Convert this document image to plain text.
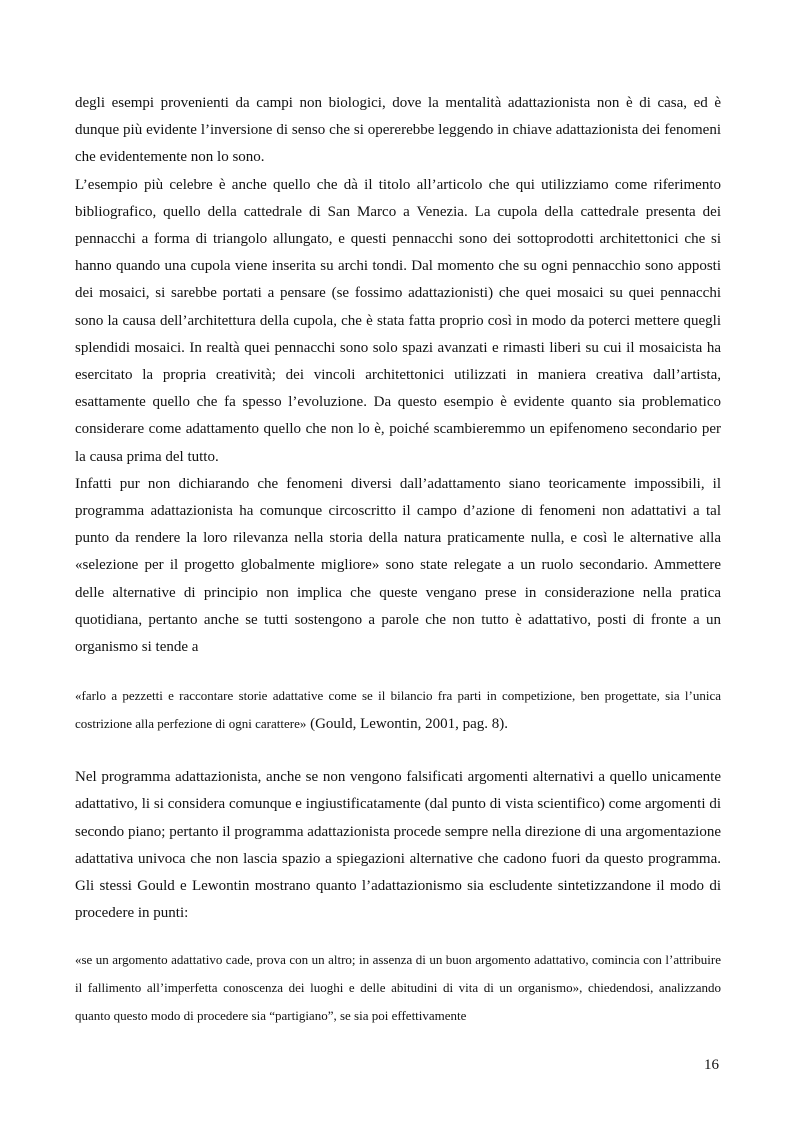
degli esempi provenienti da campi non biologici, dove la mentalità adattazionista non è di casa, ed è dunque più evidente l’inversione di senso che si opererebbe leggendo in chiave adattazionista dei fenomeni che evidentemente non lo sono.

L’esempio più celebre è anche quello che dà il titolo all’articolo che qui utilizziamo come riferimento bibliografico, quello della cattedrale di San Marco a Venezia. La cupola della cattedrale presenta dei pennacchi a forma di triangolo allungato, e questi pennacchi sono dei sottoprodotti architettonici che si hanno quando una cupola viene inserita su archi tondi. Dal momento che su ogni pennacchio sono apposti dei mosaici, si sarebbe portati a pensare (se fossimo adattazionisti) che quei mosaici su quei pennacchi sono la causa dell’architettura della cupola, che è stata fatta proprio così in modo da poterci mettere quegli splendidi mosaici. In realtà quei pennacchi sono solo spazi avanzati e rimasti liberi su cui il mosaicista ha esercitato la propria creatività; dei vincoli architettonici utilizzati in maniera creativa dall’artista, esattamente quello che fa spesso l’evoluzione. Da questo esempio è evidente quanto sia problematico considerare come adattamento quello che non lo è, poiché scambieremmo un epifenomeno secondario per la causa prima del tutto.

Infatti pur non dichiarando che fenomeni diversi dall’adattamento siano teoricamente impossibili, il programma adattazionista ha comunque circoscritto il campo d’azione di fenomeni non adattativi a tal punto da rendere la loro rilevanza nella storia della natura praticamente nulla, e così le alternative alla «selezione per il progetto globalmente migliore» sono state relegate a un ruolo secondario. Ammettere delle alternative di principio non implica che queste vengano prese in considerazione nella pratica quotidiana, pertanto anche se tutti sostengono a parole che non tutto è adattativo, posti di fronte a un organismo si tende a

«farlo a pezzetti e raccontare storie adattative come se il bilancio fra parti in competizione, ben progettate, sia l’unica costrizione alla perfezione di ogni carattere» (Gould, Lewontin, 2001, pag. 8).

Nel programma adattazionista, anche se non vengono falsificati argomenti alternativi a quello unicamente adattativo, li si considera comunque e ingiustificatamente (dal punto di vista scientifico) come argomenti di secondo piano; pertanto il programma adattazionista procede sempre nella direzione di una argomentazione adattativa univoca che non lascia spazio a spiegazioni alternative che cadono fuori da questo programma. Gli stessi Gould e Lewontin mostrano quanto l’adattazionismo sia escludente sintetizzandone il modo di procedere in punti:

«se un argomento adattativo cade, prova con un altro; in assenza di un buon argomento adattativo, comincia con l’attribuire il fallimento all’imperfetta conoscenza dei luoghi e delle abitudini di vita di un organismo», chiedendosi, analizzando quanto questo modo di procedere sia “partigiano”, se sia poi effettivamente

16
